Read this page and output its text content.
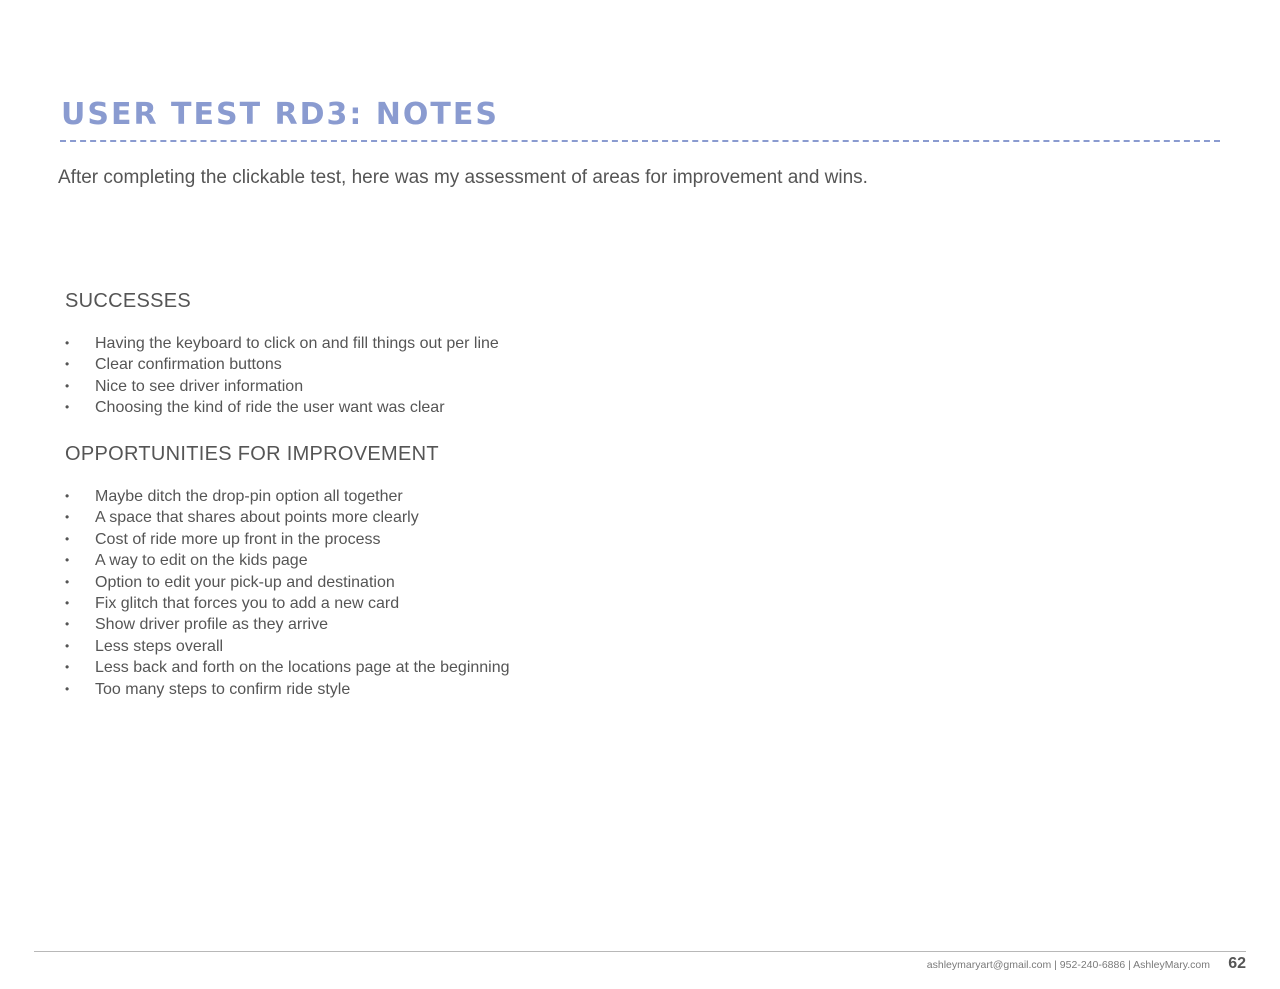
USER TEST RD3: NOTES

After completing the clickable test, here was my assessment of areas for improvement and wins.

SUCCESSES
•	Having the keyboard to click on and fill things out per line
•	Clear confirmation buttons
•	Nice to see driver information
•	Choosing the kind of ride the user want was clear
OPPORTUNITIES FOR IMPROVEMENT
•	Maybe ditch the drop-pin option all together
•	A space that shares about points more clearly
•	Cost of ride more up front in the process
•	A way to edit on the kids page
•	Option to edit your pick-up and destination
•	Fix glitch that forces you to add a new card
•	Show driver profile as they arrive
•	Less steps overall
•	Less back and forth on the locations page at the beginning
•	Too many steps to confirm ride style
ashleymaryart@gmail.com | 952-240-6886 | AshleyMary.com 62
